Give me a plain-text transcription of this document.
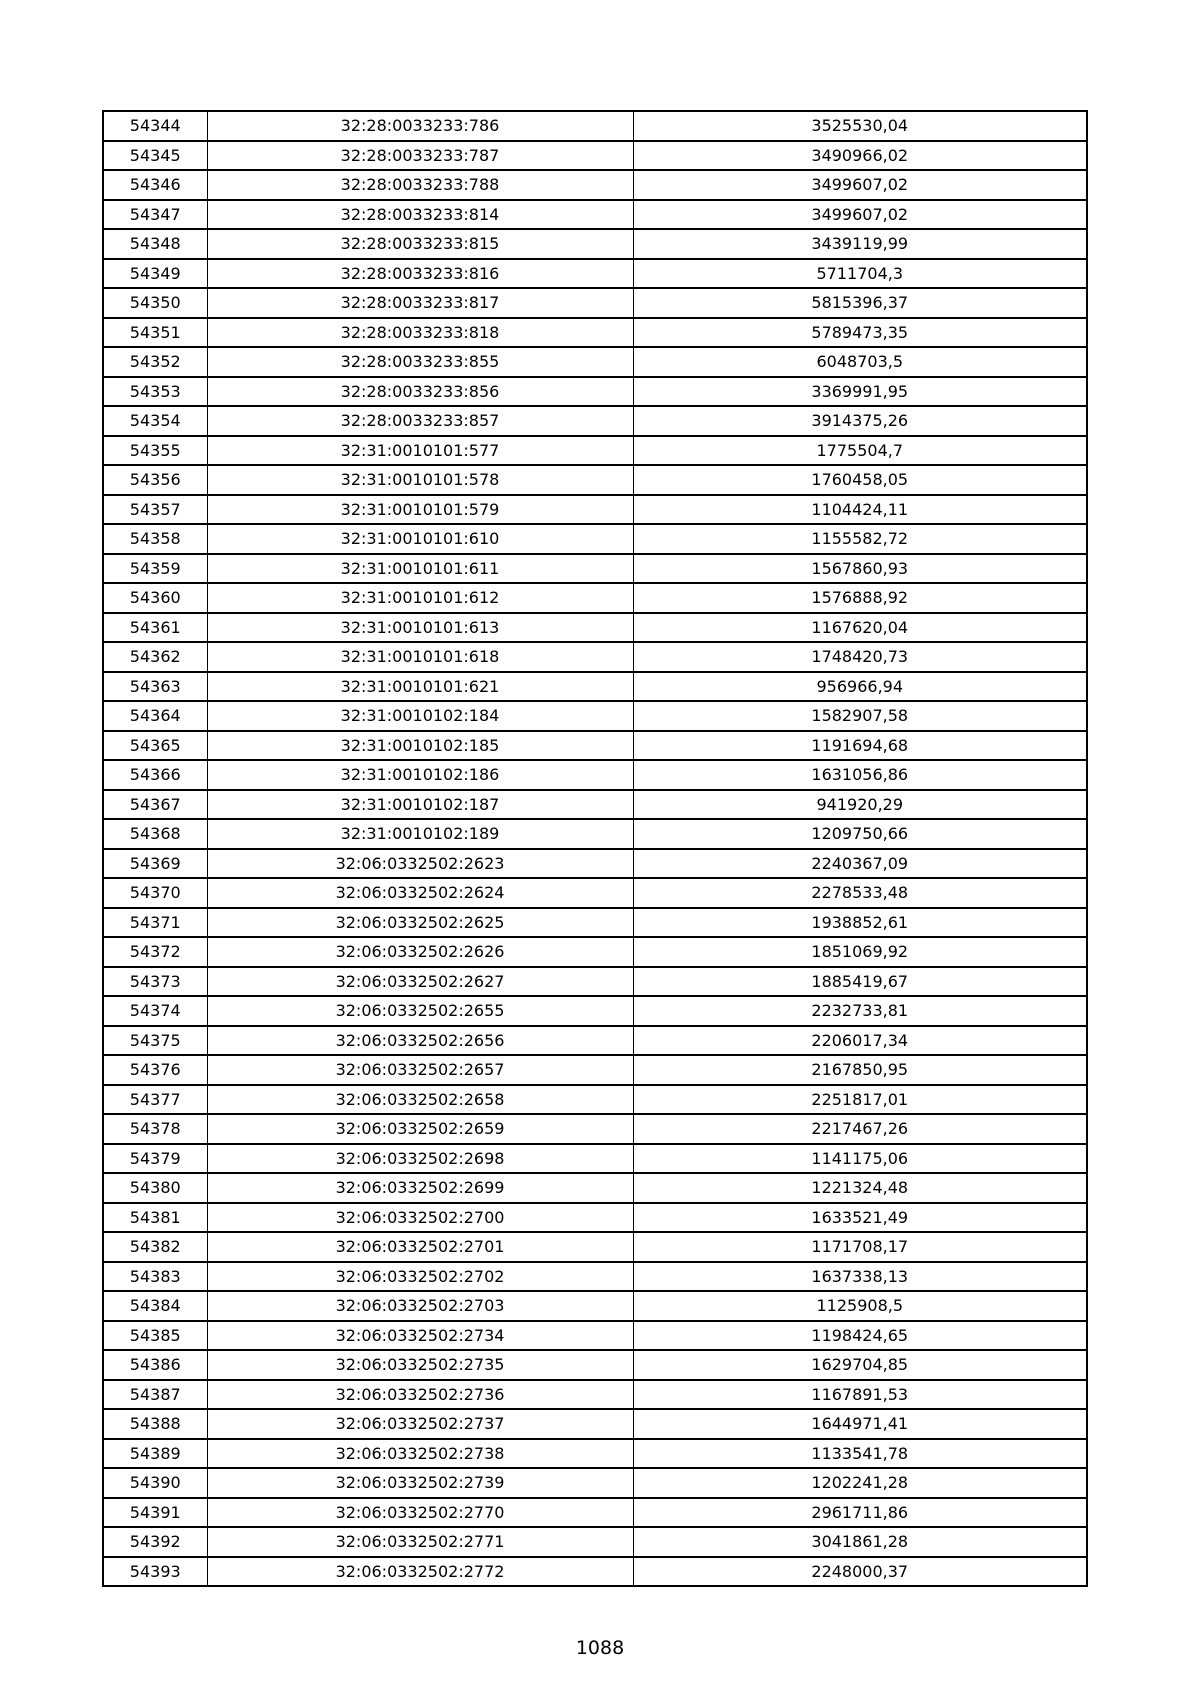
54344	32:28:0033233:786	3525530,04
54345	32:28:0033233:787	3490966,02
54346	32:28:0033233:788	3499607,02
54347	32:28:0033233:814	3499607,02
54348	32:28:0033233:815	3439119,99
54349	32:28:0033233:816	5711704,3
54350	32:28:0033233:817	5815396,37
54351	32:28:0033233:818	5789473,35
54352	32:28:0033233:855	6048703,5
54353	32:28:0033233:856	3369991,95
54354	32:28:0033233:857	3914375,26
54355	32:31:0010101:577	1775504,7
54356	32:31:0010101:578	1760458,05
54357	32:31:0010101:579	1104424,11
54358	32:31:0010101:610	1155582,72
54359	32:31:0010101:611	1567860,93
54360	32:31:0010101:612	1576888,92
54361	32:31:0010101:613	1167620,04
54362	32:31:0010101:618	1748420,73
54363	32:31:0010101:621	956966,94
54364	32:31:0010102:184	1582907,58
54365	32:31:0010102:185	1191694,68
54366	32:31:0010102:186	1631056,86
54367	32:31:0010102:187	941920,29
54368	32:31:0010102:189	1209750,66
54369	32:06:0332502:2623	2240367,09
54370	32:06:0332502:2624	2278533,48
54371	32:06:0332502:2625	1938852,61
54372	32:06:0332502:2626	1851069,92
54373	32:06:0332502:2627	1885419,67
54374	32:06:0332502:2655	2232733,81
54375	32:06:0332502:2656	2206017,34
54376	32:06:0332502:2657	2167850,95
54377	32:06:0332502:2658	2251817,01
54378	32:06:0332502:2659	2217467,26
54379	32:06:0332502:2698	1141175,06
54380	32:06:0332502:2699	1221324,48
54381	32:06:0332502:2700	1633521,49
54382	32:06:0332502:2701	1171708,17
54383	32:06:0332502:2702	1637338,13
54384	32:06:0332502:2703	1125908,5
54385	32:06:0332502:2734	1198424,65
54386	32:06:0332502:2735	1629704,85
54387	32:06:0332502:2736	1167891,53
54388	32:06:0332502:2737	1644971,41
54389	32:06:0332502:2738	1133541,78
54390	32:06:0332502:2739	1202241,28
54391	32:06:0332502:2770	2961711,86
54392	32:06:0332502:2771	3041861,28
54393	32:06:0332502:2772	2248000,37
1088
